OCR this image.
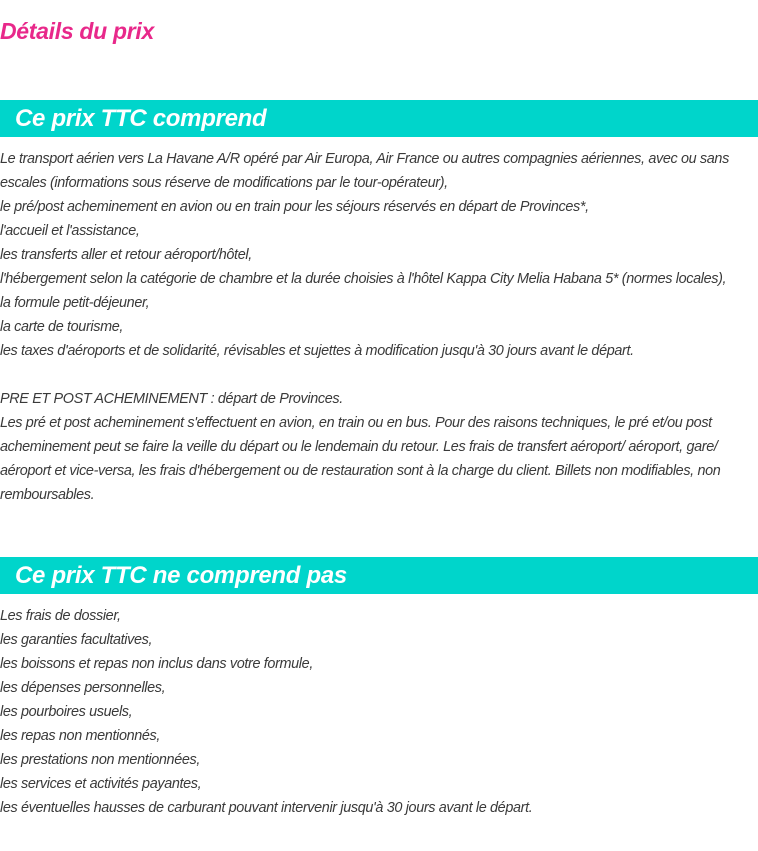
Détails du prix
Ce prix TTC comprend

Le transport aérien vers La Havane A/R opéré par Air Europa, Air France ou autres compagnies aériennes, avec ou sans escales (informations sous réserve de modifications par le tour-opérateur),

le pré/post acheminement en avion ou en train pour les séjours réservés en départ de Provinces*,

l'accueil et l'assistance,

les transferts aller et retour aéroport/hôtel,

l'hébergement selon la catégorie de chambre et la durée choisies à l'hôtel Kappa City Melia Habana 5* (normes locales),

la formule petit-déjeuner,

la carte de tourisme,

les taxes d'aéroports et de solidarité, révisables et sujettes à modification jusqu'à 30 jours avant le départ.

PRE ET POST ACHEMINEMENT : départ de Provinces.

Les pré et post acheminement s'effectuent en avion, en train ou en bus. Pour des raisons techniques, le pré et/ou post acheminement peut se faire la veille du départ ou le lendemain du retour. Les frais de transfert aéroport/ aéroport, gare/ aéroport et vice-versa, les frais d'hébergement ou de restauration sont à la charge du client. Billets non modifiables, non remboursables.

Ce prix TTC ne comprend pas

Les frais de dossier,

les garanties facultatives,

les boissons et repas non inclus dans votre formule,

les dépenses personnelles,

les pourboires usuels,

les repas non mentionnés,

les prestations non mentionnées,

les services et activités payantes,

les éventuelles hausses de carburant pouvant intervenir jusqu'à 30 jours avant le départ.
